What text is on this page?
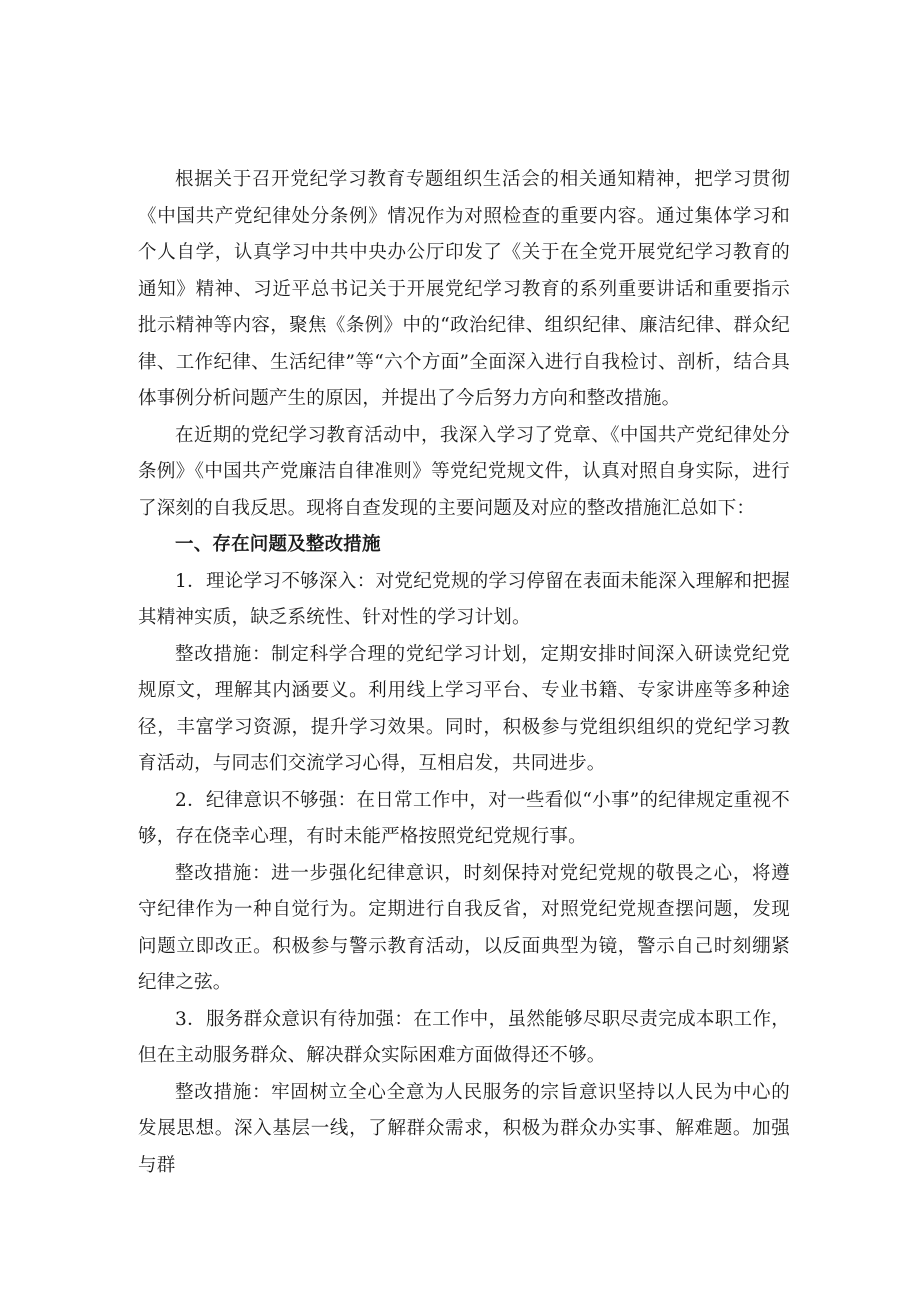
根据关于召开党纪学习教育专题组织生活会的相关通知精神，把学习贯彻《中国共产党纪律处分条例》情况作为对照检查的重要内容。通过集体学习和个人自学，认真学习中共中央办公厅印发了《关于在全党开展党纪学习教育的通知》精神、习近平总书记关于开展党纪学习教育的系列重要讲话和重要指示批示精神等内容，聚焦《条例》中的“政治纪律、组织纪律、廉洁纪律、群众纪律、工作纪律、生活纪律”等“六个方面”全面深入进行自我检讨、剖析，结合具体事例分析问题产生的原因，并提出了今后努力方向和整改措施。

在近期的党纪学习教育活动中，我深入学习了党章、《中国共产党纪律处分条例》《中国共产党廉洁自律准则》等党纪党规文件，认真对照自身实际，进行了深刻的自我反思。现将自查发现的主要问题及对应的整改措施汇总如下：

一、存在问题及整改措施

1．理论学习不够深入：对党纪党规的学习停留在表面未能深入理解和把握其精神实质，缺乏系统性、针对性的学习计划。

整改措施：制定科学合理的党纪学习计划，定期安排时间深入研读党纪党规原文，理解其内涵要义。利用线上学习平台、专业书籍、专家讲座等多种途径，丰富学习资源，提升学习效果。同时，积极参与党组织组织的党纪学习教育活动，与同志们交流学习心得，互相启发，共同进步。

2．纪律意识不够强：在日常工作中，对一些看似“小事”的纪律规定重视不够，存在侥幸心理，有时未能严格按照党纪党规行事。

整改措施：进一步强化纪律意识，时刻保持对党纪党规的敬畏之心，将遵守纪律作为一种自觉行为。定期进行自我反省，对照党纪党规查摆问题，发现问题立即改正。积极参与警示教育活动，以反面典型为镜，警示自己时刻绷紧纪律之弦。

3．服务群众意识有待加强：在工作中，虽然能够尽职尽责完成本职工作，但在主动服务群众、解决群众实际困难方面做得还不够。

整改措施：牢固树立全心全意为人民服务的宗旨意识坚持以人民为中心的发展思想。深入基层一线，了解群众需求，积极为群众办实事、解难题。加强与群
